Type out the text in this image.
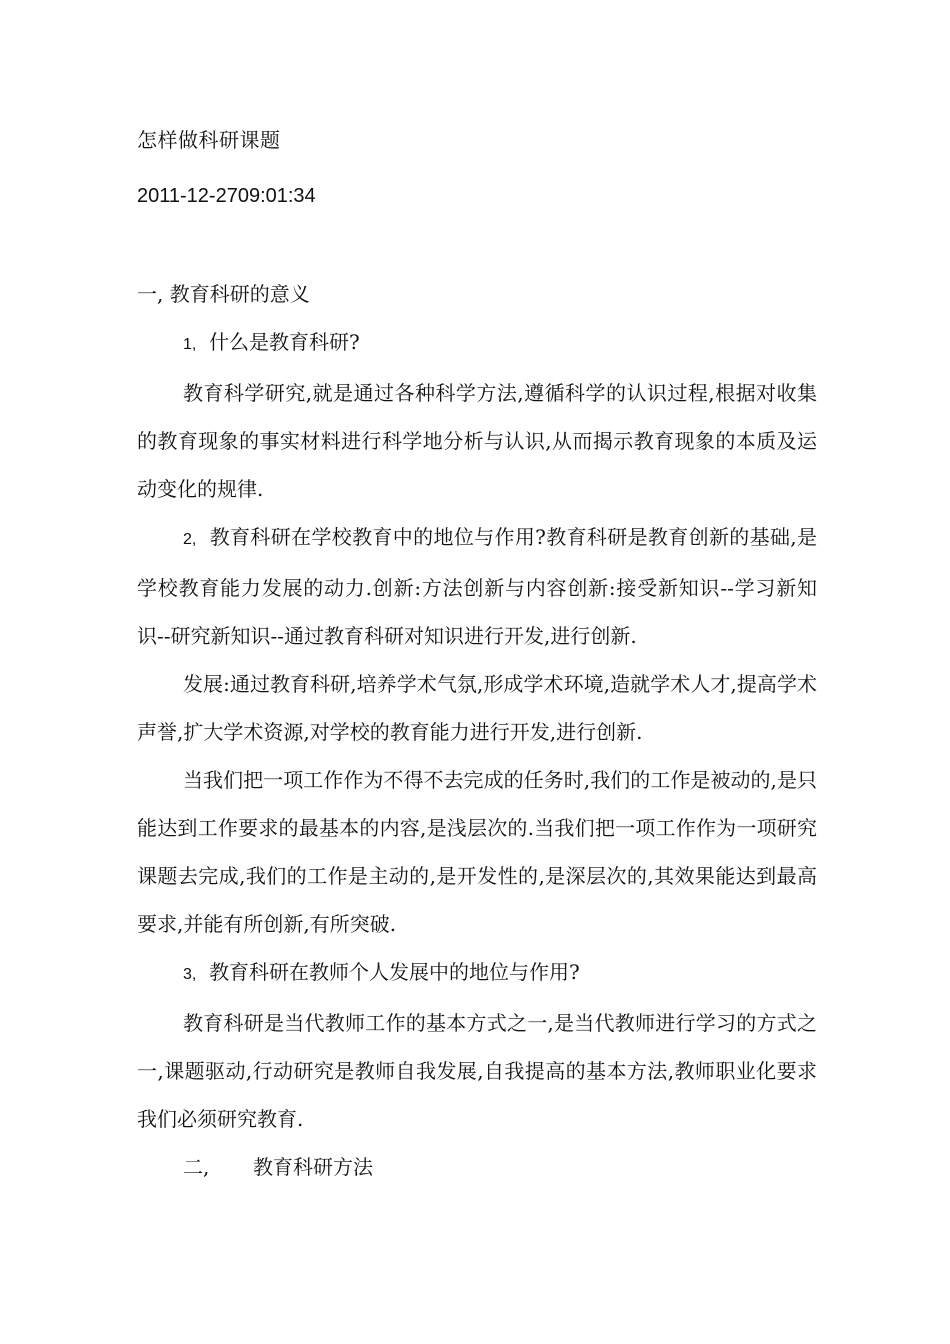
怎样做科研课题
2011-12-2709:01:34

一, 教育科研的意义

1, 什么是教育科研?

教育科学研究,就是通过各种科学方法,遵循科学的认识过程,根据对收集的教育现象的事实材料进行科学地分析与认识,从而揭示教育现象的本质及运动变化的规律.

2, 教育科研在学校教育中的地位与作用?教育科研是教育创新的基础,是学校教育能力发展的动力.创新:方法创新与内容创新:接受新知识--学习新知识--研究新知识--通过教育科研对知识进行开发,进行创新.

发展:通过教育科研,培养学术气氛,形成学术环境,造就学术人才,提高学术声誉,扩大学术资源,对学校的教育能力进行开发,进行创新.

当我们把一项工作作为不得不去完成的任务时,我们的工作是被动的,是只能达到工作要求的最基本的内容,是浅层次的.当我们把一项工作作为一项研究课题去完成,我们的工作是主动的,是开发性的,是深层次的,其效果能达到最高要求,并能有所创新,有所突破.

3, 教育科研在教师个人发展中的地位与作用?

教育科研是当代教师工作的基本方式之一,是当代教师进行学习的方式之一,课题驱动,行动研究是教师自我发展,自我提高的基本方法,教师职业化要求我们必须研究教育.

二, 教育科研方法
